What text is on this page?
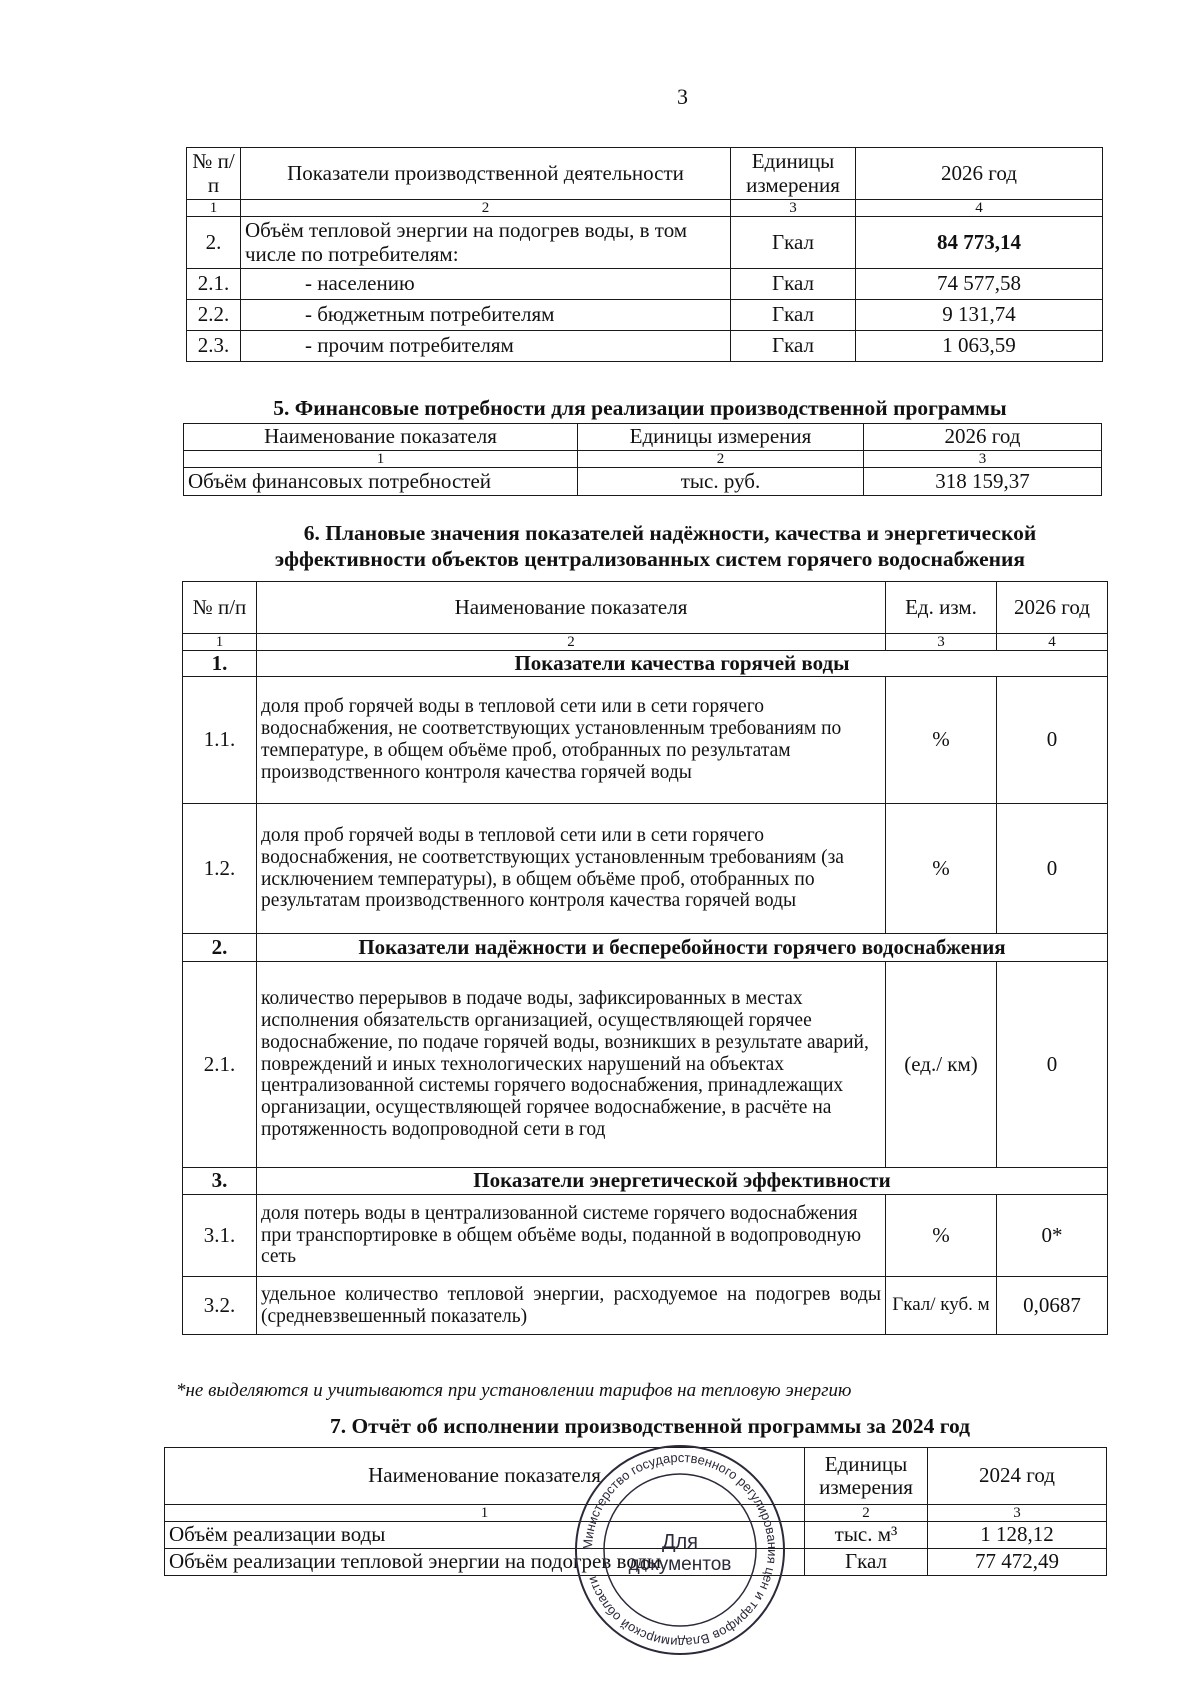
3
№ п/п	Показатели производственной деятельности	Единицы измерения	2026 год
1	2	3	4
2.	Объём тепловой энергии на подогрев воды, в том числе по потребителям:	Гкал	84 773,14
2.1.	- населению	Гкал	74 577,58
2.2.	- бюджетным потребителям	Гкал	9 131,74
2.3.	- прочим потребителям	Гкал	1 063,59
5. Финансовые потребности для реализации производственной программы
Наименование показателя	Единицы измерения	2026 год
1	2	3
Объём финансовых потребностей	тыс. руб.	318 159,37
6. Плановые значения показателей надёжности, качества и энергетической
эффективности объектов централизованных систем горячего водоснабжения
№ п/п	Наименование показателя	Ед. изм.	2026 год
1	2	3	4
1.	Показатели качества горячей воды		
1.1.	доля проб горячей воды в тепловой сети или в сети горячего водоснабжения, не соответствующих установленным требованиям по температуре, в общем объёме проб, отобранных по результатам производственного контроля качества горячей воды	%	0
1.2.	доля проб горячей воды в тепловой сети или в сети горячего водоснабжения, не соответствующих установленным требованиям (за исключением температуры), в общем объёме проб, отобранных по результатам производственного контроля качества горячей воды	%	0
2.	Показатели надёжности и бесперебойности горячего водоснабжения		
2.1.	количество перерывов в подаче воды, зафиксированных в местах исполнения обязательств организацией, осуществляющей горячее водоснабжение, по подаче горячей воды, возникших в результате аварий, повреждений и иных технологических нарушений на объектах централизованной системы горячего водоснабжения, принадлежащих организации, осуществляющей горячее водоснабжение, в расчёте на протяженность водопроводной сети в год	(ед./ км)	0
3.	Показатели энергетической эффективности		
3.1.	доля потерь воды в централизованной системе горячего водоснабжения при транспортировке в общем объёме воды, поданной в водопроводную сеть	%	0*
3.2.	удельное количество тепловой энергии, расходуемое на подогрев воды (средневзвешенный показатель)	Гкал/ куб. м	0,0687
*не выделяются и учитываются при установлении тарифов на тепловую энергию
7. Отчёт об исполнении производственной программы за 2024 год
Наименование показателя	Единицы измерения	2024 год
1	2	3
Объём реализации воды	тыс. м³	1 128,12
Объём реализации тепловой энергии на подогрев воды	Гкал	77 472,49
Министерство государственного регулирования цен и тарифов Владимирской области
Для
документов
